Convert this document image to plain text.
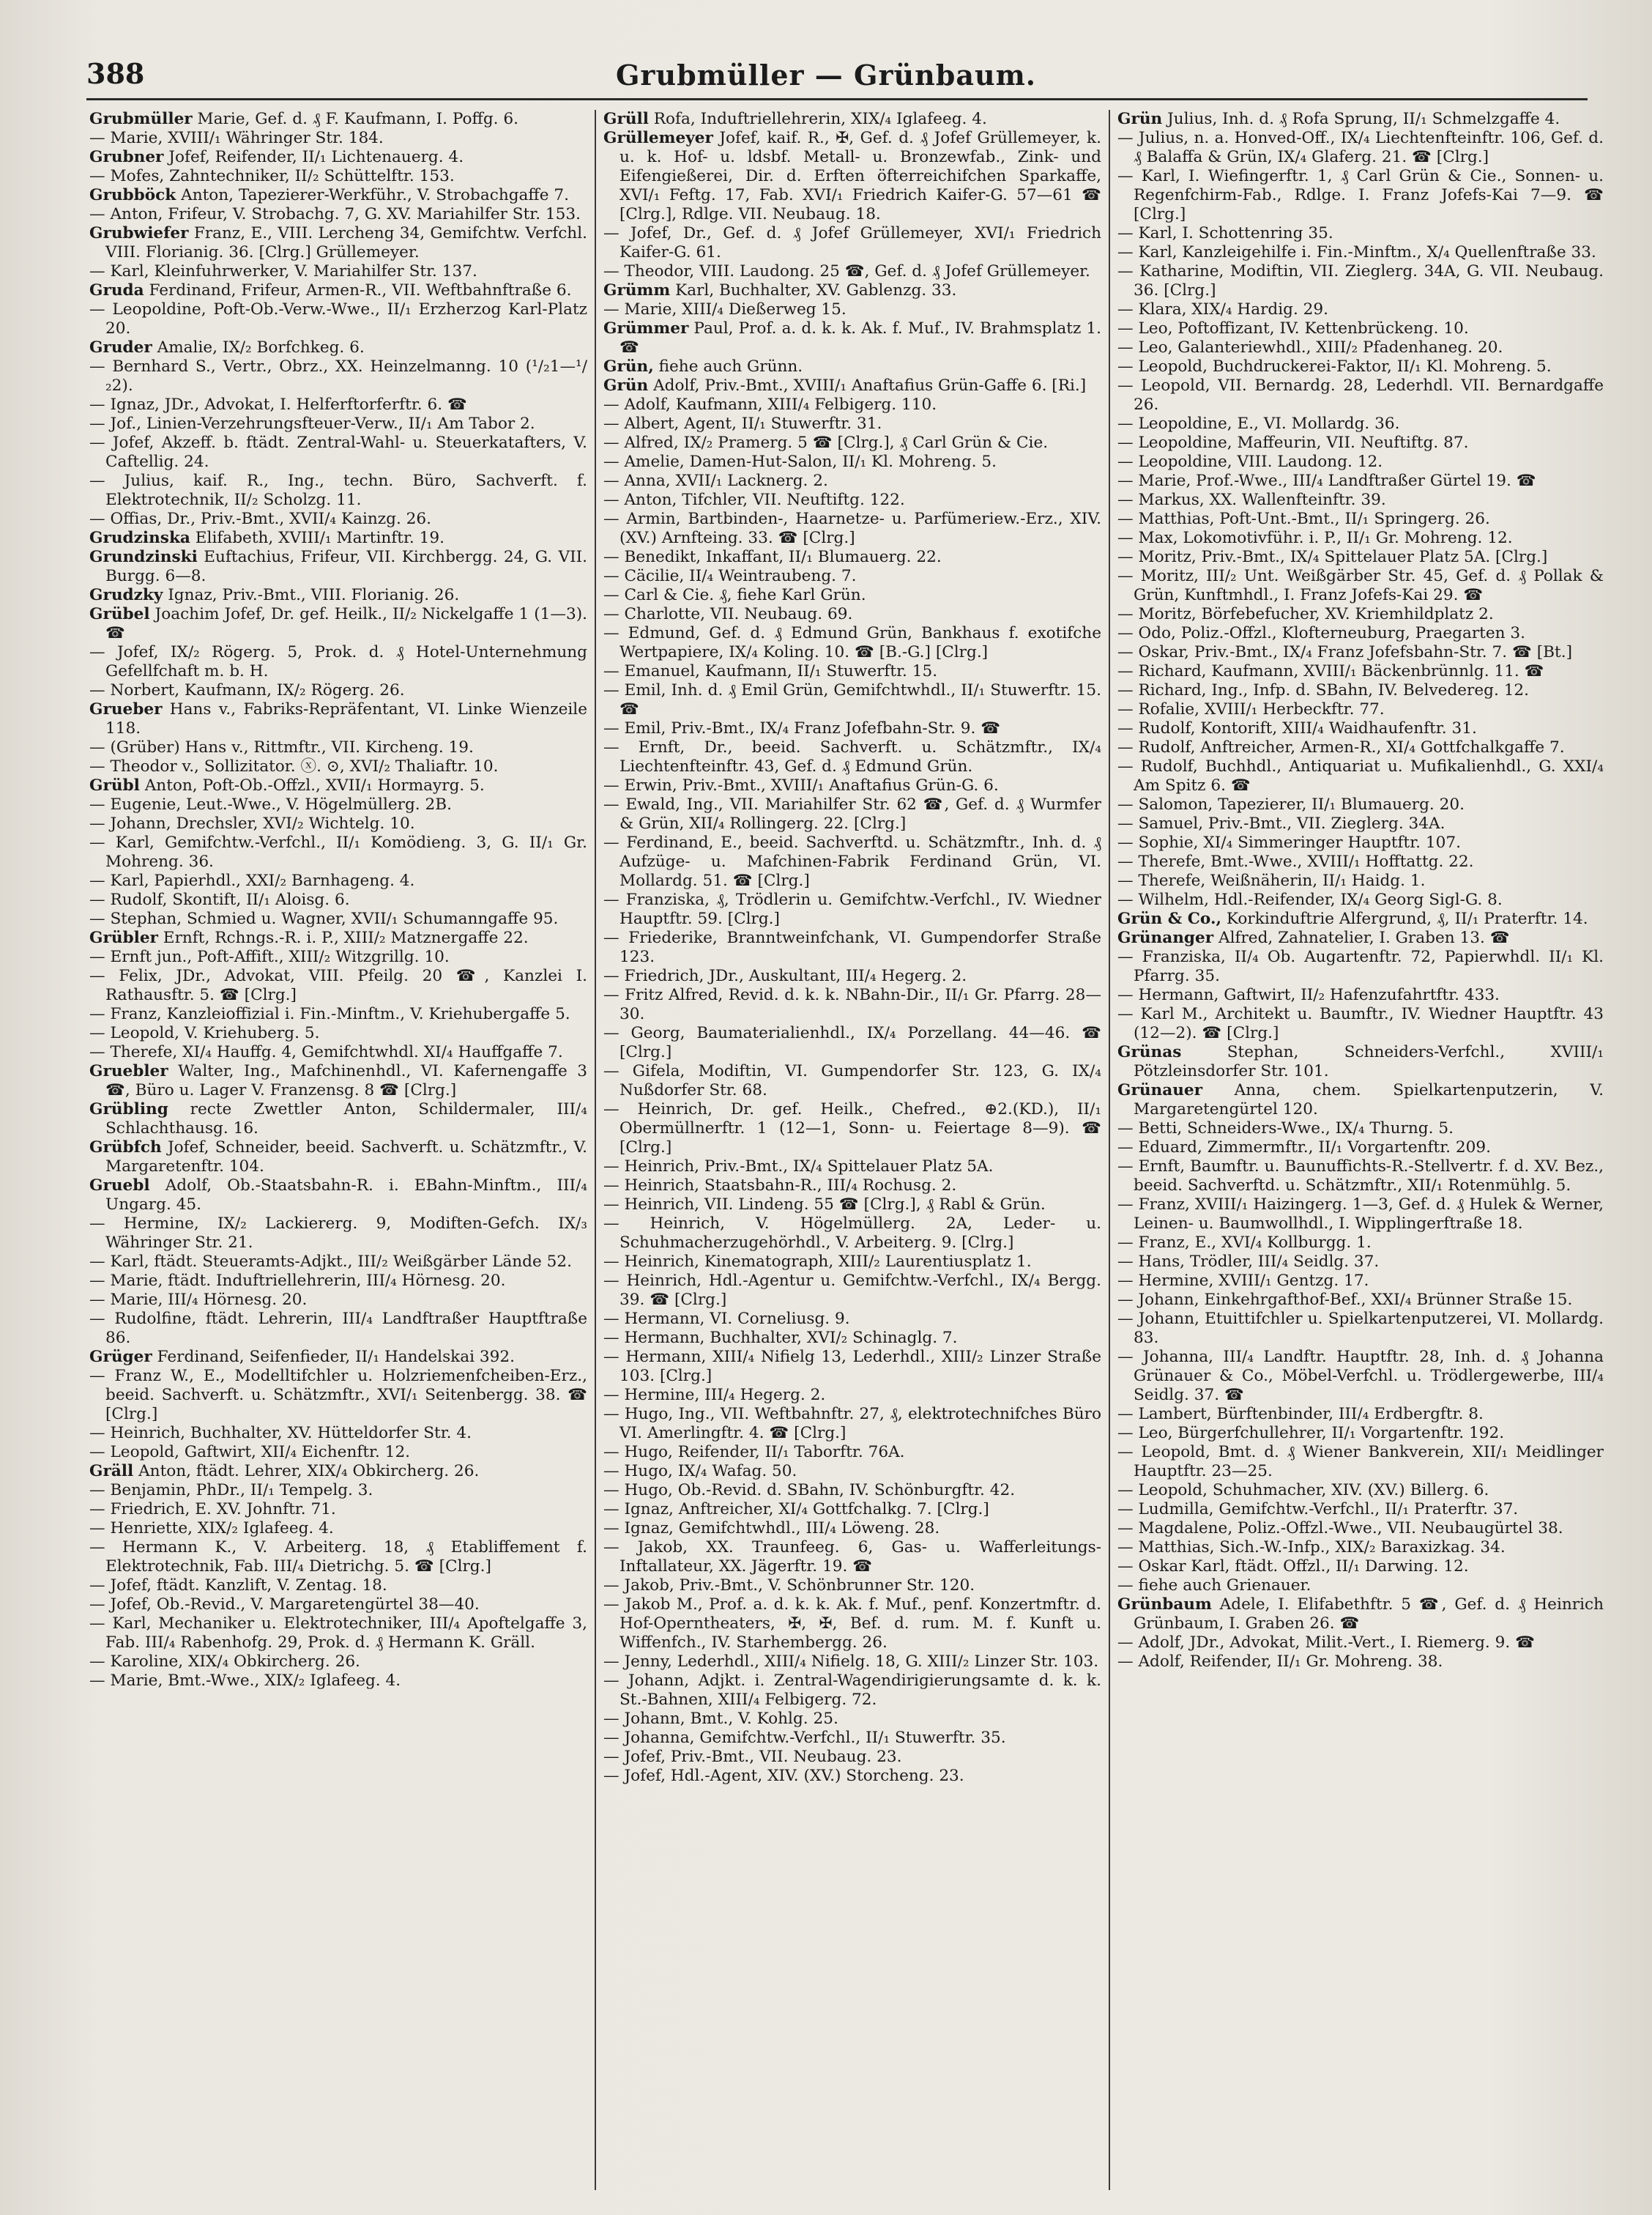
388	Grubmüller — Grünbaum.

Grubmüller Marie, Gef. d. ₰ F. Kaufmann, I. Poffg. 6.

— Marie, XVIII/₁ Währinger Str. 184.

Grubner Jofef, Reifender, II/₁ Lichtenauerg. 4.

— Mofes, Zahntechniker, II/₂ Schüttelftr. 153.

Grubböck Anton, Tapezierer-Werkführ., V. Strobachgaffe 7.

— Anton, Frifeur, V. Strobachg. 7, G. XV. Mariahilfer Str. 153.

Grubwiefer Franz, E., VIII. Lercheng 34, Gemifchtw. Verfchl. VIII. Florianig. 36. [Clrg.] Grüllemeyer.

— Karl, Kleinfuhrwerker, V. Mariahilfer Str. 137.

Gruda Ferdinand, Frifeur, Armen-R., VII. Weftbahnftraße 6.

— Leopoldine, Poft-Ob.-Verw.-Wwe., II/₁ Erzherzog Karl-Platz 20.

Gruder Amalie, IX/₂ Borfchkeg. 6.

— Bernhard S., Vertr., Obrz., XX. Heinzelmanng. 10 (¹/₂1—¹/₂2).

— Ignaz, JDr., Advokat, I. Helferftorferftr. 6. ☎

— Jof., Linien-Verzehrungsfteuer-Verw., II/₁ Am Tabor 2.

— Jofef, Akzeff. b. ftädt. Zentral-Wahl- u. Steuerkatafters, V. Caftellig. 24.

— Julius, kaif. R., Ing., techn. Büro, Sachverft. f. Elektrotechnik, II/₂ Scholzg. 11.

— Offias, Dr., Priv.-Bmt., XVII/₄ Kainzg. 26.

Grudzinska Elifabeth, XVIII/₁ Martinftr. 19.

Grundzinski Euftachius, Frifeur, VII. Kirchbergg. 24, G. VII. Burgg. 6—8.

Grudzky Ignaz, Priv.-Bmt., VIII. Florianig. 26.

Grübel Joachim Jofef, Dr. gef. Heilk., II/₂ Nickelgaffe 1 (1—3). ☎

— Jofef, IX/₂ Rögerg. 5, Prok. d. ₰ Hotel-Unternehmung Gefellfchaft m. b. H.

— Norbert, Kaufmann, IX/₂ Rögerg. 26.

Grueber Hans v., Fabriks-Repräfentant, VI. Linke Wienzeile 118.

— (Grüber) Hans v., Rittmftr., VII. Kircheng. 19.

— Theodor v., Sollizitator. ⓧ. ⊙, XVI/₂ Thaliaftr. 10.

Grübl Anton, Poft-Ob.-Offzl., XVII/₁ Hormayrg. 5.

— Eugenie, Leut.-Wwe., V. Högelmüllerg. 2B.

— Johann, Drechsler, XVI/₂ Wichtelg. 10.

— Karl, Gemifchtw.-Verfchl., II/₁ Komödieng. 3, G. II/₁ Gr. Mohreng. 36.

— Karl, Papierhdl., XXI/₂ Barnhageng. 4.

— Rudolf, Skontift, II/₁ Aloisg. 6.

— Stephan, Schmied u. Wagner, XVII/₁ Schumanngaffe 95.

Grübler Ernft, Rchngs.-R. i. P., XIII/₂ Matznergaffe 22.

— Ernft jun., Poft-Affift., XIII/₂ Witzgrillg. 10.

— Felix, JDr., Advokat, VIII. Pfeilg. 20 ☎, Kanzlei I. Rathausftr. 5. ☎ [Clrg.]

— Franz, Kanzleioffizial i. Fin.-Minftm., V. Kriehubergaffe 5.

— Leopold, V. Kriehuberg. 5.

— Therefe, XI/₄ Hauffg. 4, Gemifchtwhdl. XI/₄ Hauffgaffe 7.

Gruebler Walter, Ing., Mafchinenhdl., VI. Kafernengaffe 3 ☎, Büro u. Lager V. Franzensg. 8 ☎ [Clrg.]

Grübling recte Zwettler Anton, Schildermaler, III/₄ Schlachthausg. 16.

Grübfch Jofef, Schneider, beeid. Sachverft. u. Schätzmftr., V. Margaretenftr. 104.

Gruebl Adolf, Ob.-Staatsbahn-R. i. EBahn-Minftm., III/₄ Ungarg. 45.

— Hermine, IX/₂ Lackiererg. 9, Modiften-Gefch. IX/₃ Währinger Str. 21.

— Karl, ftädt. Steueramts-Adjkt., III/₂ Weißgärber Lände 52.

— Marie, ftädt. Induftriellehrerin, III/₄ Hörnesg. 20.

— Marie, III/₄ Hörnesg. 20.

— Rudolfine, ftädt. Lehrerin, III/₄ Landftraßer Hauptftraße 86.

Grüger Ferdinand, Seifenfieder, II/₁ Handelskai 392.

— Franz W., E., Modelltifchler u. Holzriemenfcheiben-Erz., beeid. Sachverft. u. Schätzmftr., XVI/₁ Seitenbergg. 38. ☎ [Clrg.]

— Heinrich, Buchhalter, XV. Hütteldorfer Str. 4.

— Leopold, Gaftwirt, XII/₄ Eichenftr. 12.

Gräll Anton, ftädt. Lehrer, XIX/₄ Obkircherg. 26.

— Benjamin, PhDr., II/₁ Tempelg. 3.

— Friedrich, E. XV. Johnftr. 71.

— Henriette, XIX/₂ Iglafeeg. 4.

— Hermann K., V. Arbeiterg. 18, ₰ Etabliffement f. Elektrotechnik, Fab. III/₄ Dietrichg. 5. ☎ [Clrg.]

— Jofef, ftädt. Kanzlift, V. Zentag. 18.

— Jofef, Ob.-Revid., V. Margaretengürtel 38—40.

— Karl, Mechaniker u. Elektrotechniker, III/₄ Apoftelgaffe 3, Fab. III/₄ Rabenhofg. 29, Prok. d. ₰ Hermann K. Gräll.

— Karoline, XIX/₄ Obkircherg. 26.

— Marie, Bmt.-Wwe., XIX/₂ Iglafeeg. 4.

Grüll Rofa, Induftriellehrerin, XIX/₄ Iglafeeg. 4.

Grüllemeyer Jofef, kaif. R., ✠, Gef. d. ₰ Jofef Grüllemeyer, k. u. k. Hof- u. ldsbf. Metall- u. Bronzewfab., Zink- und Eifengießerei, Dir. d. Erften öfterreichifchen Sparkaffe, XVI/₁ Feftg. 17, Fab. XVI/₁ Friedrich Kaifer-G. 57—61 ☎ [Clrg.], Rdlge. VII. Neubaug. 18.

— Jofef, Dr., Gef. d. ₰ Jofef Grüllemeyer, XVI/₁ Friedrich Kaifer-G. 61.

— Theodor, VIII. Laudong. 25 ☎, Gef. d. ₰ Jofef Grüllemeyer.

Grümm Karl, Buchhalter, XV. Gablenzg. 33.

— Marie, XIII/₄ Dießerweg 15.

Grümmer Paul, Prof. a. d. k. k. Ak. f. Muf., IV. Brahmsplatz 1. ☎

Grün, fiehe auch Grünn.

Grün Adolf, Priv.-Bmt., XVIII/₁ Anaftafius Grün-Gaffe 6. [Ri.]

— Adolf, Kaufmann, XIII/₄ Felbigerg. 110.

— Albert, Agent, II/₁ Stuwerftr. 31.

— Alfred, IX/₂ Pramerg. 5 ☎ [Clrg.], ₰ Carl Grün & Cie.

— Amelie, Damen-Hut-Salon, II/₁ Kl. Mohreng. 5.

— Anna, XVII/₁ Lacknerg. 2.

— Anton, Tifchler, VII. Neuftiftg. 122.

— Armin, Bartbinden-, Haarnetze- u. Parfümeriew.-Erz., XIV. (XV.) Arnfteing. 33. ☎ [Clrg.]

— Benedikt, Inkaffant, II/₁ Blumauerg. 22.

— Cäcilie, II/₄ Weintraubeng. 7.

— Carl & Cie. ₰, fiehe Karl Grün.

— Charlotte, VII. Neubaug. 69.

— Edmund, Gef. d. ₰ Edmund Grün, Bankhaus f. exotifche Wertpapiere, IX/₄ Koling. 10. ☎ [B.-G.] [Clrg.]

— Emanuel, Kaufmann, II/₁ Stuwerftr. 15.

— Emil, Inh. d. ₰ Emil Grün, Gemifchtwhdl., II/₁ Stuwerftr. 15. ☎

— Emil, Priv.-Bmt., IX/₄ Franz Jofefbahn-Str. 9. ☎

— Ernft, Dr., beeid. Sachverft. u. Schätzmftr., IX/₄ Liechtenfteinftr. 43, Gef. d. ₰ Edmund Grün.

— Erwin, Priv.-Bmt., XVIII/₁ Anaftafius Grün-G. 6.

— Ewald, Ing., VII. Mariahilfer Str. 62 ☎, Gef. d. ₰ Wurmfer & Grün, XII/₄ Rollingerg. 22. [Clrg.]

— Ferdinand, E., beeid. Sachverftd. u. Schätzmftr., Inh. d. ₰ Aufzüge- u. Mafchinen-Fabrik Ferdinand Grün, VI. Mollardg. 51. ☎ [Clrg.]

— Franziska, ₰, Trödlerin u. Gemifchtw.-Verfchl., IV. Wiedner Hauptftr. 59. [Clrg.]

— Friederike, Branntweinfchank, VI. Gumpendorfer Straße 123.

— Friedrich, JDr., Auskultant, III/₄ Hegerg. 2.

— Fritz Alfred, Revid. d. k. k. NBahn-Dir., II/₁ Gr. Pfarrg. 28—30.

— Georg, Baumaterialienhdl., IX/₄ Porzellang. 44—46. ☎ [Clrg.]

— Gifela, Modiftin, VI. Gumpendorfer Str. 123, G. IX/₄ Nußdorfer Str. 68.

— Heinrich, Dr. gef. Heilk., Chefred., ⊕2.(KD.), II/₁ Obermüllnerftr. 1 (12—1, Sonn- u. Feiertage 8—9). ☎ [Clrg.]

— Heinrich, Priv.-Bmt., IX/₄ Spittelauer Platz 5A.

— Heinrich, Staatsbahn-R., III/₄ Rochusg. 2.

— Heinrich, VII. Lindeng. 55 ☎ [Clrg.], ₰ Rabl & Grün.

— Heinrich, V. Högelmüllerg. 2A, Leder- u. Schuhmacherzugehörhdl., V. Arbeiterg. 9. [Clrg.]

— Heinrich, Kinematograph, XIII/₂ Laurentiusplatz 1.

— Heinrich, Hdl.-Agentur u. Gemifchtw.-Verfchl., IX/₄ Bergg. 39. ☎ [Clrg.]

— Hermann, VI. Corneliusg. 9.

— Hermann, Buchhalter, XVI/₂ Schinaglg. 7.

— Hermann, XIII/₄ Nifielg 13, Lederhdl., XIII/₂ Linzer Straße 103. [Clrg.]

— Hermine, III/₄ Hegerg. 2.

— Hugo, Ing., VII. Weftbahnftr. 27, ₰, elektrotechnifches Büro VI. Amerlingftr. 4. ☎ [Clrg.]

— Hugo, Reifender, II/₁ Taborftr. 76A.

— Hugo, IX/₄ Wafag. 50.

— Hugo, Ob.-Revid. d. SBahn, IV. Schönburgftr. 42.

— Ignaz, Anftreicher, XI/₄ Gottfchalkg. 7. [Clrg.]

— Ignaz, Gemifchtwhdl., III/₄ Löweng. 28.

— Jakob, XX. Traunfeeg. 6, Gas- u. Wafferleitungs-Inftallateur, XX. Jägerftr. 19. ☎

— Jakob, Priv.-Bmt., V. Schönbrunner Str. 120.

— Jakob M., Prof. a. d. k. k. Ak. f. Muf., penf. Konzertmftr. d. Hof-Operntheaters, ✠, ✠, Bef. d. rum. M. f. Kunft u. Wiffenfch., IV. Starhembergg. 26.

— Jenny, Lederhdl., XIII/₄ Nifielg. 18, G. XIII/₂ Linzer Str. 103.

— Johann, Adjkt. i. Zentral-Wagendirigierungsamte d. k. k. St.-Bahnen, XIII/₄ Felbigerg. 72.

— Johann, Bmt., V. Kohlg. 25.

— Johanna, Gemifchtw.-Verfchl., II/₁ Stuwerftr. 35.

— Jofef, Priv.-Bmt., VII. Neubaug. 23.

— Jofef, Hdl.-Agent, XIV. (XV.) Storcheng. 23.

Grün Julius, Inh. d. ₰ Rofa Sprung, II/₁ Schmelzgaffe 4.

— Julius, n. a. Honved-Off., IX/₄ Liechtenfteinftr. 106, Gef. d. ₰ Balaffa & Grün, IX/₄ Glaferg. 21. ☎ [Clrg.]

— Karl, I. Wiefingerftr. 1, ₰ Carl Grün & Cie., Sonnen- u. Regenfchirm-Fab., Rdlge. I. Franz Jofefs-Kai 7—9. ☎ [Clrg.]

— Karl, I. Schottenring 35.

— Karl, Kanzleigehilfe i. Fin.-Minftm., X/₄ Quellenftraße 33.

— Katharine, Modiftin, VII. Zieglerg. 34A, G. VII. Neubaug. 36. [Clrg.]

— Klara, XIX/₄ Hardig. 29.

— Leo, Poftoffizant, IV. Kettenbrückeng. 10.

— Leo, Galanteriewhdl., XIII/₂ Pfadenhaneg. 20.

— Leopold, Buchdruckerei-Faktor, II/₁ Kl. Mohreng. 5.

— Leopold, VII. Bernardg. 28, Lederhdl. VII. Bernardgaffe 26.

— Leopoldine, E., VI. Mollardg. 36.

— Leopoldine, Maffeurin, VII. Neuftiftg. 87.

— Leopoldine, VIII. Laudong. 12.

— Marie, Prof.-Wwe., III/₄ Landftraßer Gürtel 19. ☎

— Markus, XX. Wallenfteinftr. 39.

— Matthias, Poft-Unt.-Bmt., II/₁ Springerg. 26.

— Max, Lokomotivführ. i. P., II/₁ Gr. Mohreng. 12.

— Moritz, Priv.-Bmt., IX/₄ Spittelauer Platz 5A. [Clrg.]

— Moritz, III/₂ Unt. Weißgärber Str. 45, Gef. d. ₰ Pollak & Grün, Kunftmhdl., I. Franz Jofefs-Kai 29. ☎

— Moritz, Börfebefucher, XV. Kriemhildplatz 2.

— Odo, Poliz.-Offzl., Klofterneuburg, Praegarten 3.

— Oskar, Priv.-Bmt., IX/₄ Franz Jofefsbahn-Str. 7. ☎ [Bt.]

— Richard, Kaufmann, XVIII/₁ Bäckenbrünnlg. 11. ☎

— Richard, Ing., Infp. d. SBahn, IV. Belvedereg. 12.

— Rofalie, XVIII/₁ Herbeckftr. 77.

— Rudolf, Kontorift, XIII/₄ Waidhaufenftr. 31.

— Rudolf, Anftreicher, Armen-R., XI/₄ Gottfchalkgaffe 7.

— Rudolf, Buchhdl., Antiquariat u. Mufikalienhdl., G. XXI/₄ Am Spitz 6. ☎

— Salomon, Tapezierer, II/₁ Blumauerg. 20.

— Samuel, Priv.-Bmt., VII. Zieglerg. 34A.

— Sophie, XI/₄ Simmeringer Hauptftr. 107.

— Therefe, Bmt.-Wwe., XVIII/₁ Hofftattg. 22.

— Therefe, Weißnäherin, II/₁ Haidg. 1.

— Wilhelm, Hdl.-Reifender, IX/₄ Georg Sigl-G. 8.

Grün & Co., Korkinduftrie Alfergrund, ₰, II/₁ Praterftr. 14.

Grünanger Alfred, Zahnatelier, I. Graben 13. ☎

— Franziska, II/₄ Ob. Augartenftr. 72, Papierwhdl. II/₁ Kl. Pfarrg. 35.

— Hermann, Gaftwirt, II/₂ Hafenzufahrtftr. 433.

— Karl M., Architekt u. Baumftr., IV. Wiedner Hauptftr. 43 (12—2). ☎ [Clrg.]

Grünas Stephan, Schneiders-Verfchl., XVIII/₁ Pötzleinsdorfer Str. 101.

Grünauer Anna, chem. Spielkartenputzerin, V. Margaretengürtel 120.

— Betti, Schneiders-Wwe., IX/₄ Thurng. 5.

— Eduard, Zimmermftr., II/₁ Vorgartenftr. 209.

— Ernft, Baumftr. u. Baunuffichts-R.-Stellvertr. f. d. XV. Bez., beeid. Sachverftd. u. Schätzmftr., XII/₁ Rotenmühlg. 5.

— Franz, XVIII/₁ Haizingerg. 1—3, Gef. d. ₰ Hulek & Werner, Leinen- u. Baumwollhdl., I. Wipplingerftraße 18.

— Franz, E., XVI/₄ Kollburgg. 1.

— Hans, Trödler, III/₄ Seidlg. 37.

— Hermine, XVIII/₁ Gentzg. 17.

— Johann, Einkehrgafthof-Bef., XXI/₄ Brünner Straße 15.

— Johann, Etuittifchler u. Spielkartenputzerei, VI. Mollardg. 83.

— Johanna, III/₄ Landftr. Hauptftr. 28, Inh. d. ₰ Johanna Grünauer & Co., Möbel-Verfchl. u. Trödlergewerbe, III/₄ Seidlg. 37. ☎

— Lambert, Bürftenbinder, III/₄ Erdbergftr. 8.

— Leo, Bürgerfchullehrer, II/₁ Vorgartenftr. 192.

— Leopold, Bmt. d. ₰ Wiener Bankverein, XII/₁ Meidlinger Hauptftr. 23—25.

— Leopold, Schuhmacher, XIV. (XV.) Billerg. 6.

— Ludmilla, Gemifchtw.-Verfchl., II/₁ Praterftr. 37.

— Magdalene, Poliz.-Offzl.-Wwe., VII. Neubaugürtel 38.

— Matthias, Sich.-W.-Infp., XIX/₂ Baraxizkag. 34.

— Oskar Karl, ftädt. Offzl., II/₁ Darwing. 12.

— fiehe auch Grienauer.

Grünbaum Adele, I. Elifabethftr. 5 ☎, Gef. d. ₰ Heinrich Grünbaum, I. Graben 26. ☎

— Adolf, JDr., Advokat, Milit.-Vert., I. Riemerg. 9. ☎

— Adolf, Reifender, II/₁ Gr. Mohreng. 38.
